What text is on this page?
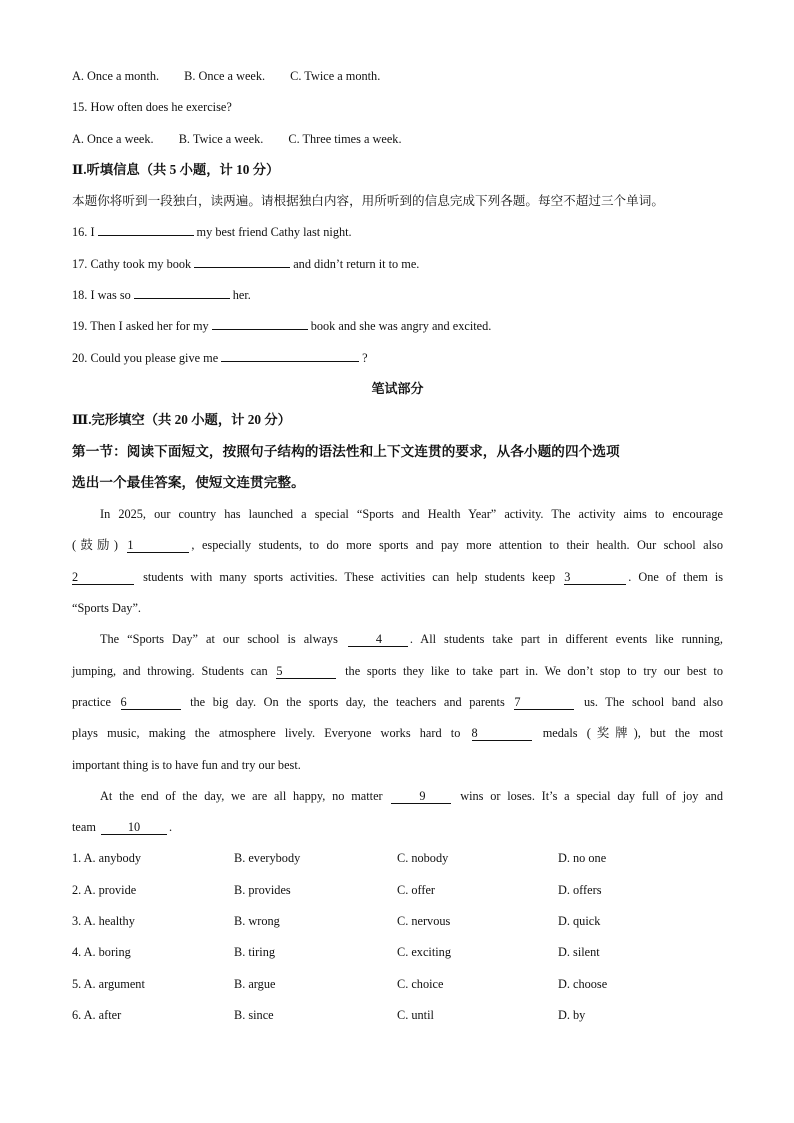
A. Once a month. B. Once a week. C. Twice a month.
15. How often does he exercise?
A. Once a week. B. Twice a week. C. Three times a week.
Ⅱ.听填信息（共 5 小题，计 10 分）
本题你将听到一段独白，读两遍。请根据独白内容，用所听到的信息完成下列各题。每空不超过三个单词。
16. I	my best friend Cathy last night.
17. Cathy took my book	and didn’t return it to me.
18. I was so	her.
19. Then I asked her for my	book and she was angry and excited.
20. Could you please give me	?
笔试部分
Ⅲ.完形填空（共 20 小题，计 20 分）
第一节：阅读下面短文，按照句子结构的语法性和上下文连贯的要求，从各小题的四个选项
选出一个最佳答案，使短文连贯完整。
In 2025, our country has launched a special “Sports and Health Year” activity. The activity aims to encourage
(鼓励) 1	, especially students, to do more sports and pay more attention to their health. Our school also
2	students with many sports activities. These activities can help students keep 3	. One of them is
“Sports Day”.
The “Sports Day” at our school is always	4 . All students take part in different events like running,
jumping, and throwing. Students can 5	the sports they like to take part in. We don’t stop to try our best to
practice 6	the big day. On the sports day, the teachers and parents 7	us. The school band also
plays music, making the atmosphere lively. Everyone works hard to 8	medals (奖牌), but the most
important thing is to have fun and try our best.
At the end of the day, we are all happy, no matter	9	wins or loses. It’s a special day full of joy and
team	10 .
1. A. anybody	B. everybody	C. nobody	D. no one
2. A. provide	B. provides	C. offer	D. offers
3. A. healthy	B. wrong	C. nervous	D. quick
4. A. boring	B. tiring	C. exciting	D. silent
5. A. argument	B. argue	C. choice	D. choose
6. A. after	B. since	C. until	D. by
